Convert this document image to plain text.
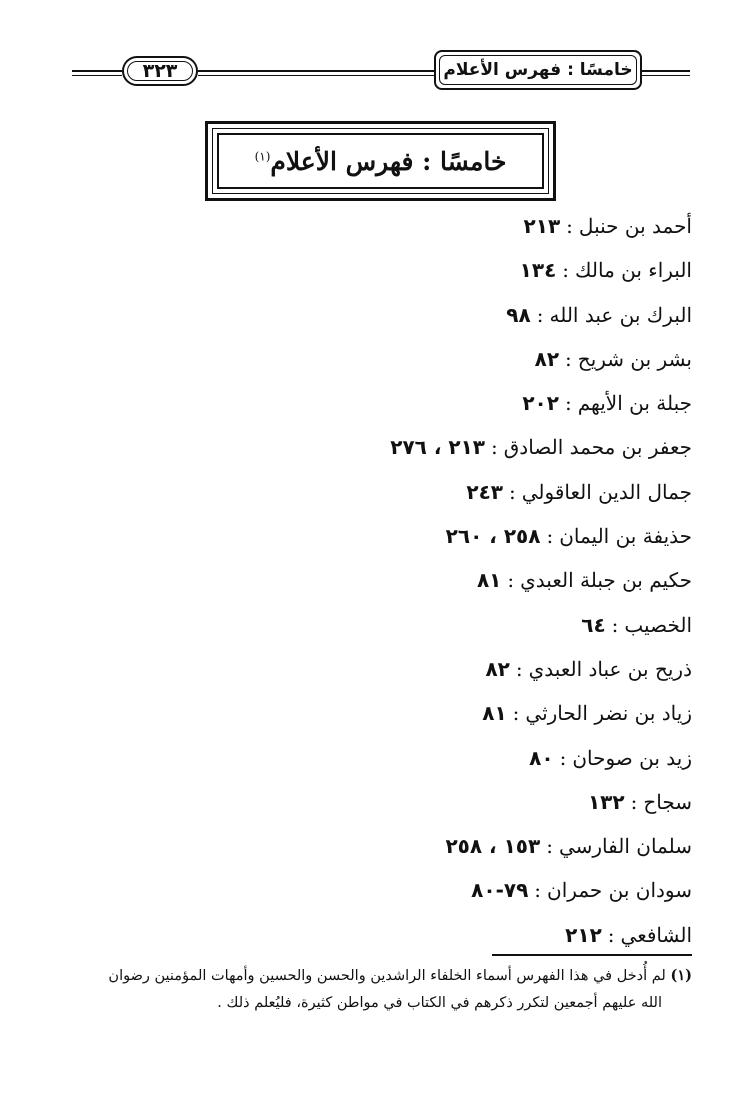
٣٢٣	خامسًا : فهرس الأعلام
خامسًا : فهرس الأعلام$^{(١)}$
أحمد بن حنبل:٢١٣
البراء بن مالك:١٣٤
البرك بن عبد الله:٩٨
بشر بن شريح:٨٢
جبلة بن الأيهم:٢٠٢
جعفر بن محمد الصادق:٢١٣ ، ٢٧٦
جمال الدين العاقولي:٢٤٣
حذيفة بن اليمان:٢٥٨ ، ٢٦٠
حكيم بن جبلة العبدي:٨١
الخصيب:٦٤
ذريح بن عباد العبدي:٨٢
زياد بن نضر الحارثي:٨١
زيد بن صوحان:٨٠
سجاح:١٣٢
سلمان الفارسي:١٥٣ ، ٢٥٨
سودان بن حمران:٧٩-٨٠
الشافعي:٢١٢
(١) لم أُدخل في هذا الفهرس أسماء الخلفاء الراشدين والحسن والحسين وأمهات المؤمنين رضوان
الله عليهم أجمعين لتكرر ذكرهم في الكتاب في مواطن كثيرة، فليُعلم ذلك .
